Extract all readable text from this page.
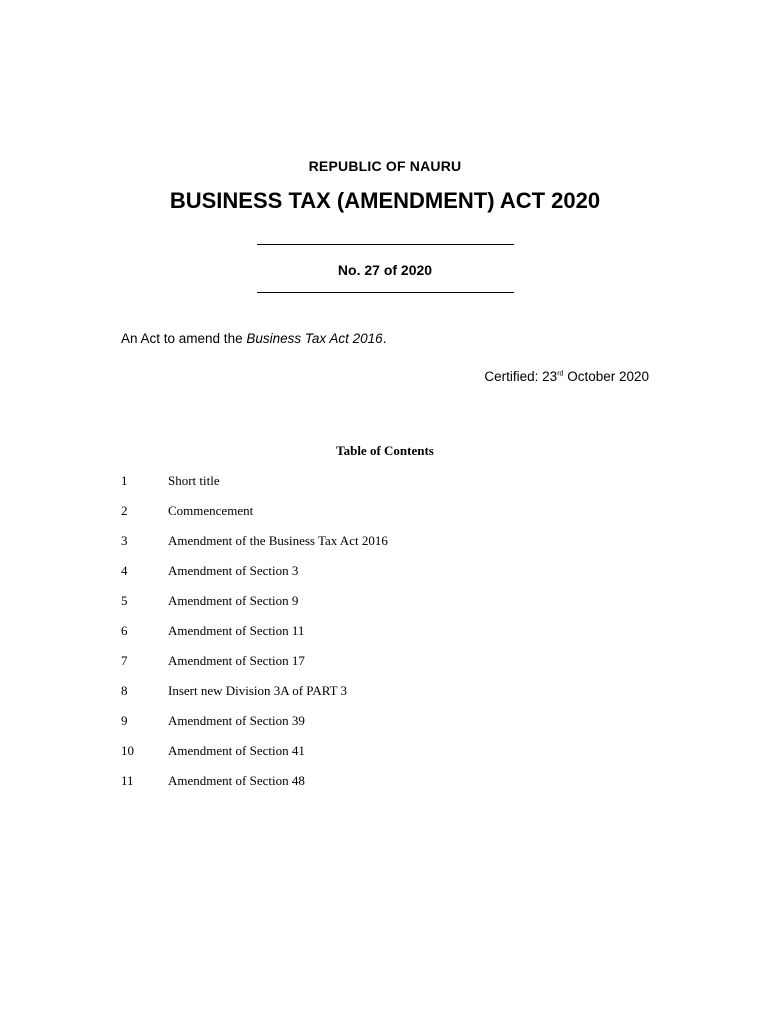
REPUBLIC OF NAURU
BUSINESS TAX (AMENDMENT) ACT 2020
No. 27 of 2020
An Act to amend the Business Tax Act 2016.
Certified: 23rd October 2020
Table of Contents
1	Short title
2	Commencement
3	Amendment of the Business Tax Act 2016
4	Amendment of Section 3
5	Amendment of Section 9
6	Amendment of Section 11
7	Amendment of Section 17
8	Insert new Division 3A of PART 3
9	Amendment of Section 39
10	Amendment of Section 41
11	Amendment of Section 48
